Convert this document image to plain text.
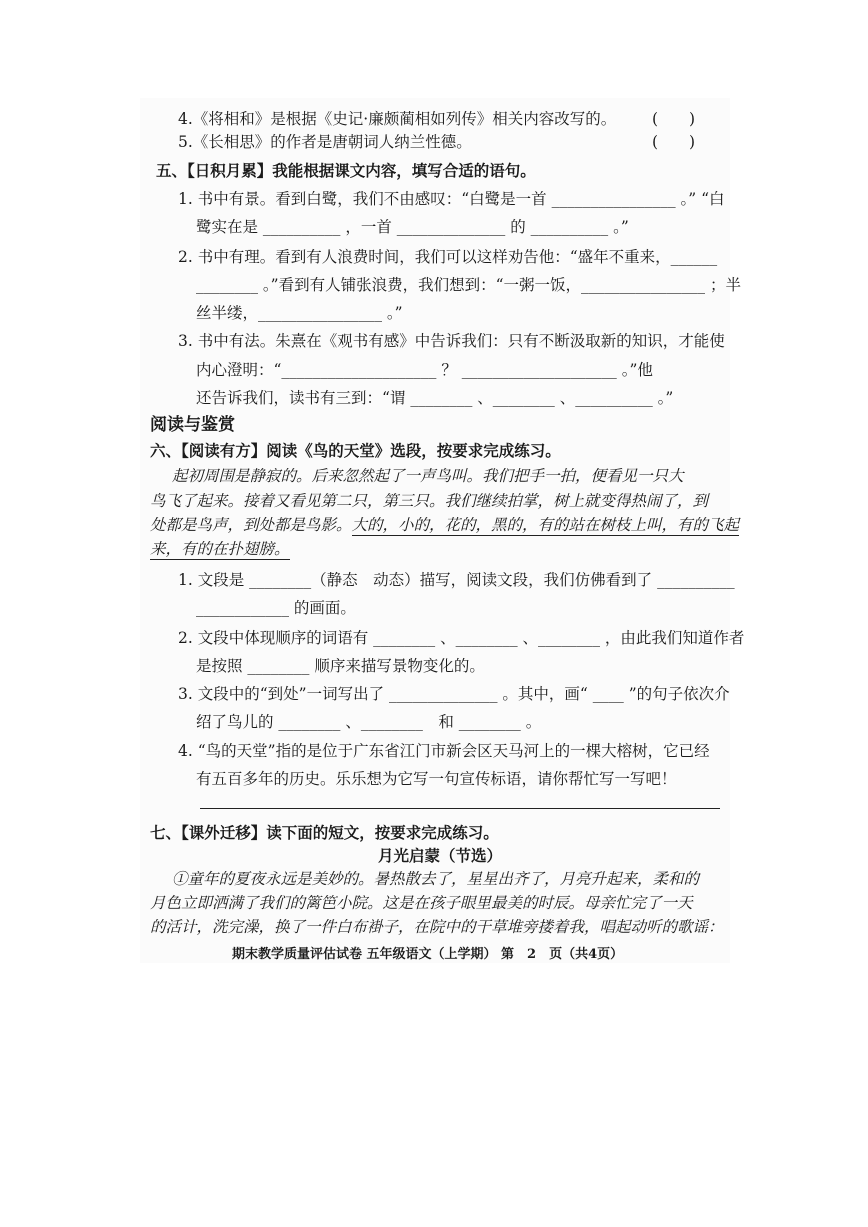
4.《将相和》是根据《史记·廉颇蔺相如列传》相关内容改写的。 (　　)
5.《长相思》的作者是唐朝词人纳兰性德。	(　　)
五、【日积月累】我能根据课文内容，填写合适的语句。
1. 书中有景。看到白鹭，我们不由感叹：“白鹭是一首 ________________ 。” “白
鹭实在是 __________ ，一首 ______________ 的 __________ 。”
2. 书中有理。看到有人浪费时间，我们可以这样劝告他：“盛年不重来，______
________ 。”看到有人铺张浪费，我们想到：“一粥一饭，________________ ；半
丝半缕，________________ 。”
3. 书中有法。朱熹在《观书有感》中告诉我们：只有不断汲取新的知识，才能使
内心澄明：“____________________ ？ ____________________ 。”他
还告诉我们，读书有三到：“谓 ________ 、________ 、__________ 。”
阅读与鉴赏
六、【阅读有方】阅读《鸟的天堂》选段，按要求完成练习。
起初周围是静寂的。后来忽然起了一声鸟叫。我们把手一拍，便看见一只大
鸟飞了起来。接着又看见第二只，第三只。我们继续拍掌，树上就变得热闹了，到
处都是鸟声，到处都是鸟影。大的，小的，花的，黑的，有的站在树枝上叫，有的飞起
来，有的在扑翅膀。
1. 文段是 ________（静态　动态）描写，阅读文段，我们仿佛看到了 __________
____________ 的画面。
2. 文段中体现顺序的词语有 ________ 、________ 、________ ，由此我们知道作者
是按照 ________ 顺序来描写景物变化的。
3. 文段中的“到处”一词写出了 ______________ 。其中，画“ ____ ”的句子依次介
绍了鸟儿的 ________ 、________　和 ________ 。
4. “鸟的天堂”指的是位于广东省江门市新会区天马河上的一棵大榕树，它已经
有五百多年的历史。乐乐想为它写一句宣传标语，请你帮忙写一写吧！
七、【课外迁移】读下面的短文，按要求完成练习。
月光启蒙（节选）
①童年的夏夜永远是美妙的。暑热散去了，星星出齐了，月亮升起来，柔和的
月色立即洒满了我们的篱笆小院。这是在孩子眼里最美的时辰。母亲忙完了一天
的活计，洗完澡，换了一件白布褂子，在院中的干草堆旁搂着我，唱起动听的歌谣：
期末教学质量评估试卷 五年级语文（上学期） 第　2　页（共4页）
